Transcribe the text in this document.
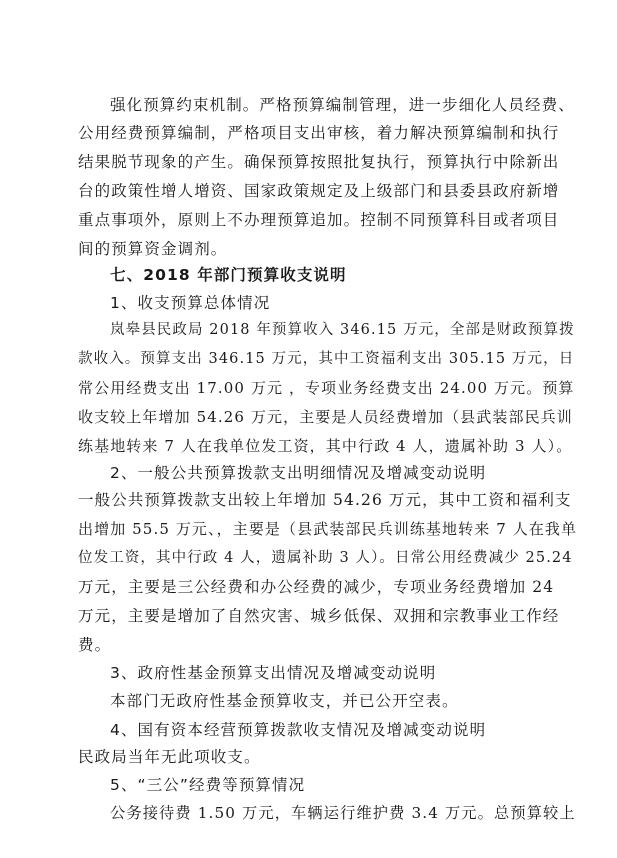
强化预算约束机制。严格预算编制管理，进一步细化人员经费、
公用经费预算编制，严格项目支出审核，着力解决预算编制和执行
结果脱节现象的产生。确保预算按照批复执行，预算执行中除新出
台的政策性增人增资、国家政策规定及上级部门和县委县政府新增
重点事项外，原则上不办理预算追加。控制不同预算科目或者项目
间的预算资金调剂。
七、2018 年部门预算收支说明
1、收支预算总体情况
岚皋县民政局 2018 年预算收入 346.15 万元，全部是财政预算拨
款收入。预算支出 346.15 万元，其中工资福利支出 305.15 万元，日
常公用经费支出 17.00 万元 ，专项业务经费支出 24.00 万元。预算
收支较上年增加 54.26 万元，主要是人员经费增加（县武装部民兵训
练基地转来 7 人在我单位发工资，其中行政 4 人，遗属补助 3 人）。
2、一般公共预算拨款支出明细情况及增减变动说明
一般公共预算拨款支出较上年增加 54.26 万元，其中工资和福利支
出增加 55.5 万元、，主要是（县武装部民兵训练基地转来 7 人在我单
位发工资，其中行政 4 人，遗属补助 3 人）。日常公用经费减少 25.24
万元，主要是三公经费和办公经费的减少，专项业务经费增加 24
万元，主要是增加了自然灾害、城乡低保、双拥和宗教事业工作经
费。
3、政府性基金预算支出情况及增减变动说明
本部门无政府性基金预算收支，并已公开空表。
4、国有资本经营预算拨款收支情况及增减变动说明
民政局当年无此项收支。
5、“三公”经费等预算情况
公务接待费 1.50 万元，车辆运行维护费 3.4 万元。总预算较上
